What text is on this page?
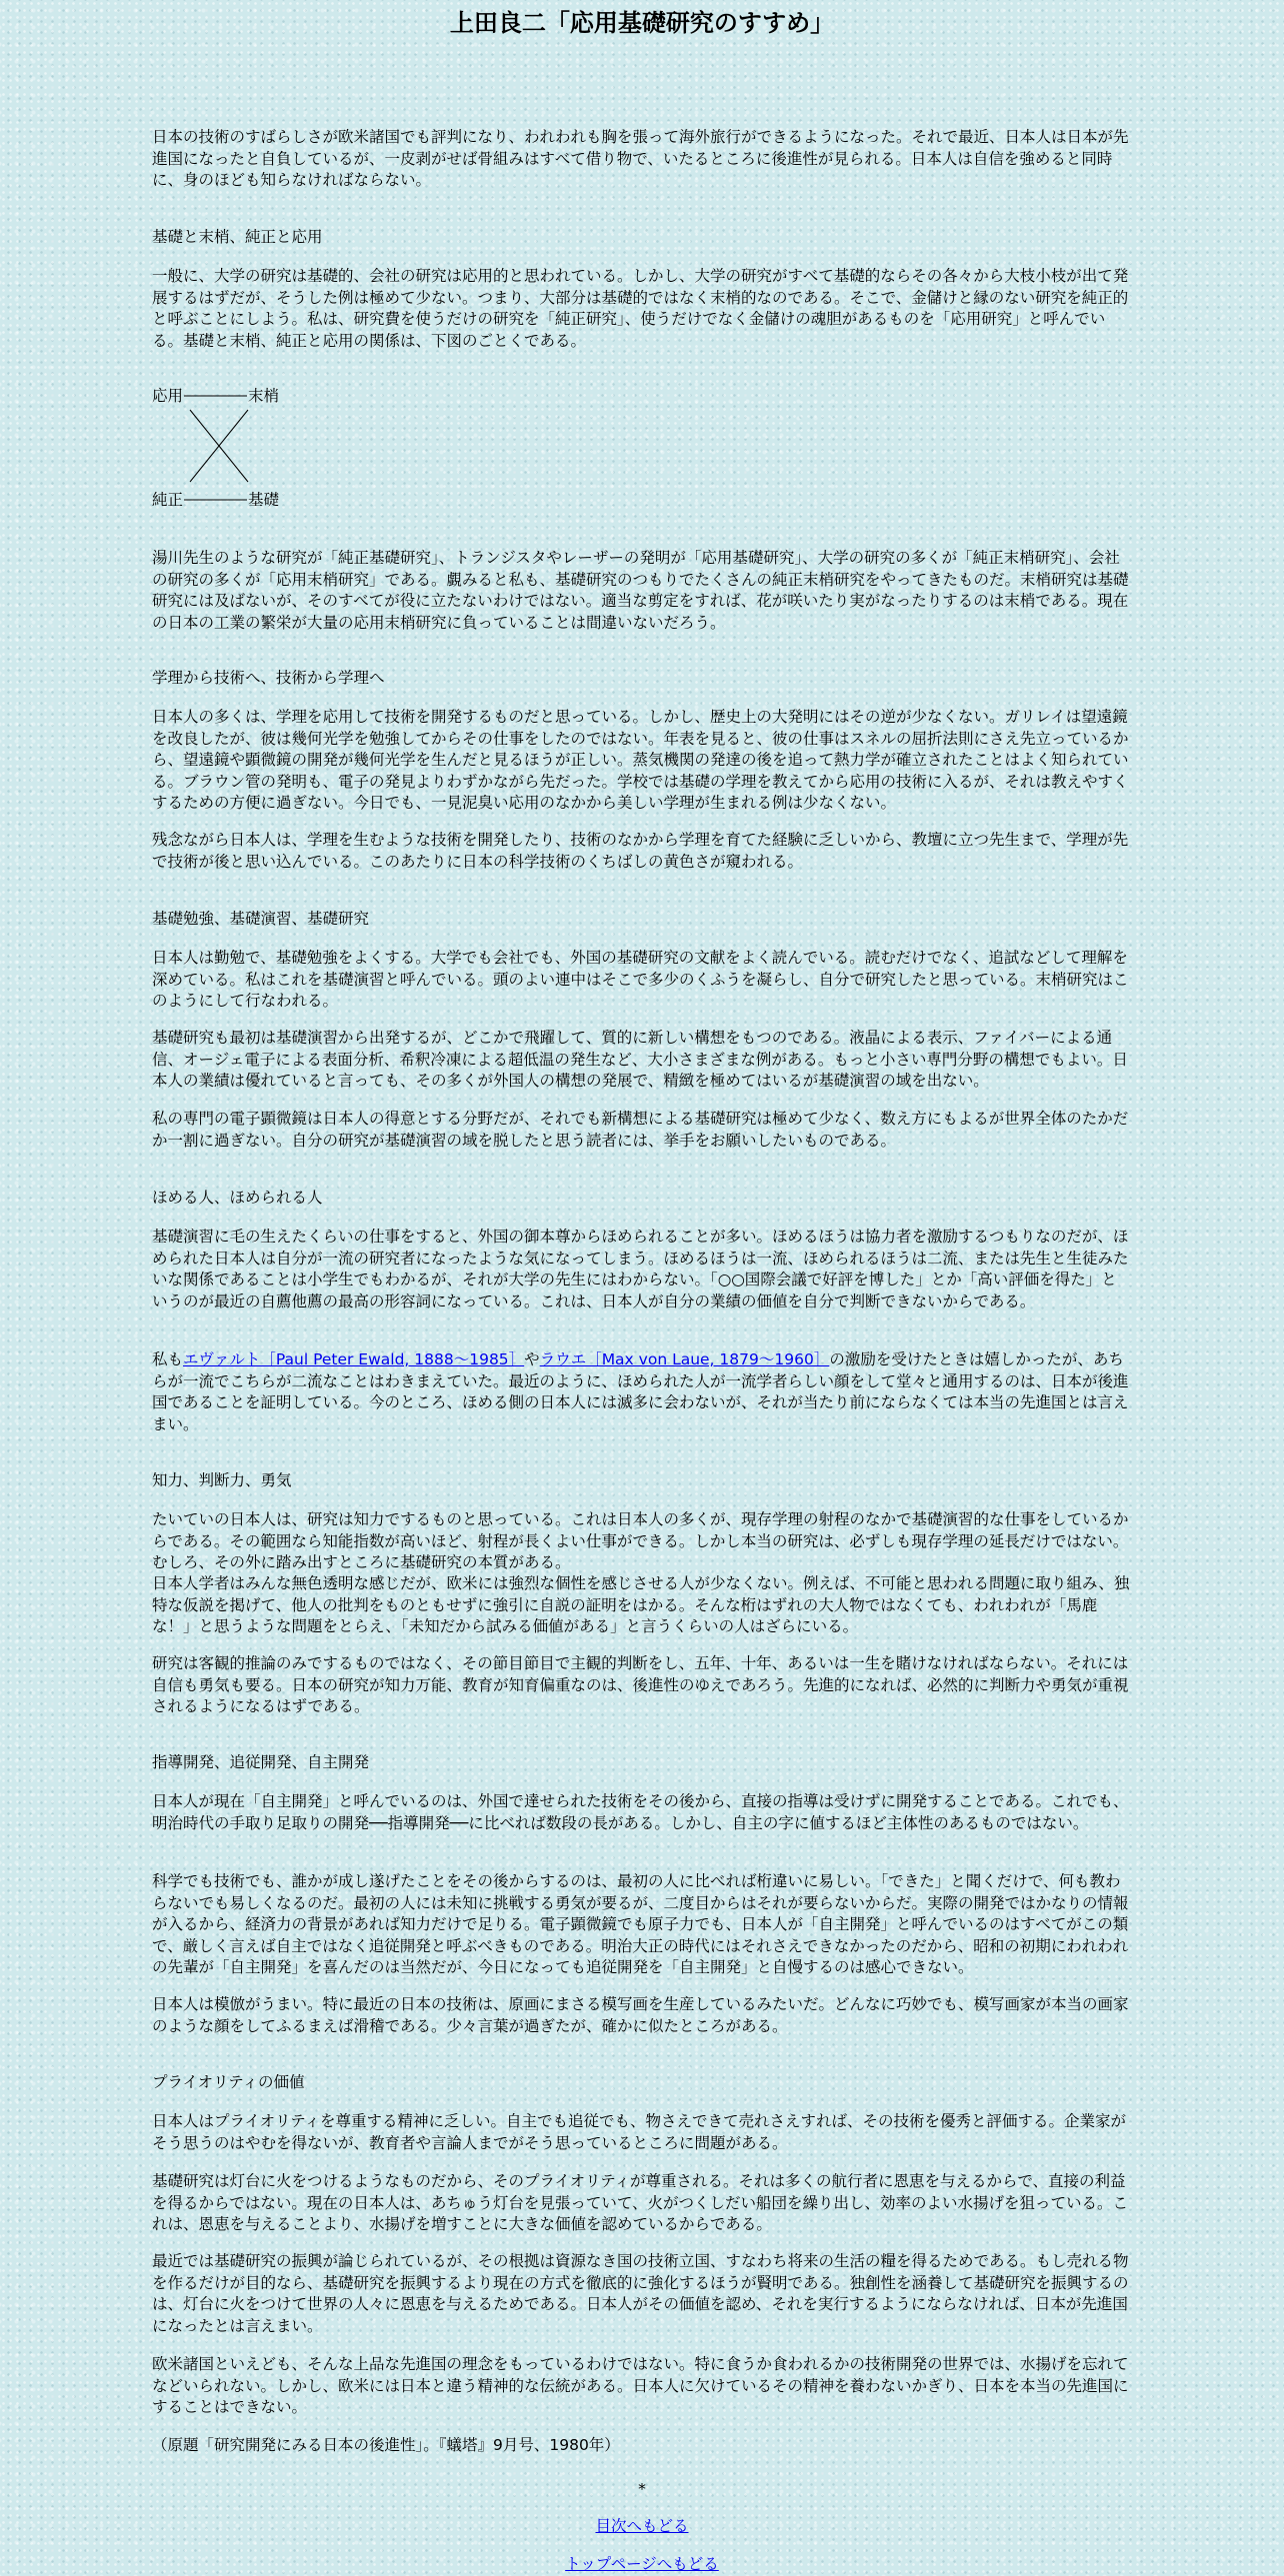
上田良二「応用基礎研究のすすめ」

日本の技術のすばらしさが欧米諸国でも評判になり、われわれも胸を張って海外旅行ができるようになった。それで最近、日本人は日本が先進国になったと自負しているが、一皮剥がせば骨組みはすべて借り物で、いたるところに後進性が見られる。日本人は自信を強めると同時に、身のほども知らなければならない。

基礎と末梢、純正と応用

一般に、大学の研究は基礎的、会社の研究は応用的と思われている。しかし、大学の研究がすべて基礎的ならその各々から大枝小枝が出て発展するはずだが、そうした例は極めて少ない。つまり、大部分は基礎的ではなく末梢的なのである。そこで、金儲けと縁のない研究を純正的と呼ぶことにしよう。私は、研究費を使うだけの研究を「純正研究」、使うだけでなく金儲けの魂胆があるものを「応用研究」と呼んでいる。基礎と末梢、純正と応用の関係は、下図のごとくである。

応用	末梢
純正	基礎

湯川先生のような研究が「純正基礎研究」、トランジスタやレーザーの発明が「応用基礎研究」、大学の研究の多くが「純正末梢研究」、会社の研究の多くが「応用末梢研究」である。覷みると私も、基礎研究のつもりでたくさんの純正末梢研究をやってきたものだ。末梢研究は基礎研究には及ばないが、そのすべてが役に立たないわけではない。適当な剪定をすれば、花が咲いたり実がなったりするのは末梢である。現在の日本の工業の繁栄が大量の応用末梢研究に負っていることは間違いないだろう。

学理から技術へ、技術から学理へ

日本人の多くは、学理を応用して技術を開発するものだと思っている。しかし、歴史上の大発明にはその逆が少なくない。ガリレイは望遠鏡を改良したが、彼は幾何光学を勉強してからその仕事をしたのではない。年表を見ると、彼の仕事はスネルの屈折法則にさえ先立っているから、望遠鏡や顕微鏡の開発が幾何光学を生んだと見るほうが正しい。蒸気機関の発達の後を追って熱力学が確立されたことはよく知られている。ブラウン管の発明も、電子の発見よりわずかながら先だった。学校では基礎の学理を教えてから応用の技術に入るが、それは教えやすくするための方便に過ぎない。今日でも、一見泥臭い応用のなかから美しい学理が生まれる例は少なくない。

残念ながら日本人は、学理を生むような技術を開発したり、技術のなかから学理を育てた経験に乏しいから、教壇に立つ先生まで、学理が先で技術が後と思い込んでいる。このあたりに日本の科学技術のくちばしの黄色さが窺われる。

基礎勉強、基礎演習、基礎研究

日本人は勤勉で、基礎勉強をよくする。大学でも会社でも、外国の基礎研究の文献をよく読んでいる。読むだけでなく、追試などして理解を深めている。私はこれを基礎演習と呼んでいる。頭のよい連中はそこで多少のくふうを凝らし、自分で研究したと思っている。末梢研究はこのようにして行なわれる。

基礎研究も最初は基礎演習から出発するが、どこかで飛躍して、質的に新しい構想をもつのである。液晶による表示、ファイバーによる通信、オージェ電子による表面分析、希釈冷凍による超低温の発生など、大小さまざまな例がある。もっと小さい専門分野の構想でもよい。日本人の業績は優れていると言っても、その多くが外国人の構想の発展で、精緻を極めてはいるが基礎演習の域を出ない。

私の専門の電子顕微鏡は日本人の得意とする分野だが、それでも新構想による基礎研究は極めて少なく、数え方にもよるが世界全体のたかだか一割に過ぎない。自分の研究が基礎演習の域を脱したと思う読者には、挙手をお願いしたいものである。

ほめる人、ほめられる人

基礎演習に毛の生えたくらいの仕事をすると、外国の御本尊からほめられることが多い。ほめるほうは協力者を激励するつもりなのだが、ほめられた日本人は自分が一流の研究者になったような気になってしまう。ほめるほうは一流、ほめられるほうは二流、または先生と生徒みたいな関係であることは小学生でもわかるが、それが大学の先生にはわからない。「○○国際会議で好評を博した」とか「高い評価を得た」というのが最近の自薦他薦の最高の形容詞になっている。これは、日本人が自分の業績の価値を自分で判断できないからである。

私もエヴァルト［Paul Peter Ewald, 1888～1985］やラウエ［Max von Laue, 1879～1960］の激励を受けたときは嬉しかったが、あちらが一流でこちらが二流なことはわきまえていた。最近のように、ほめられた人が一流学者らしい顔をして堂々と通用するのは、日本が後進国であることを証明している。今のところ、ほめる側の日本人には滅多に会わないが、それが当たり前にならなくては本当の先進国とは言えまい。

知力、判断力、勇気

たいていの日本人は、研究は知力でするものと思っている。これは日本人の多くが、現存学理の射程のなかで基礎演習的な仕事をしているからである。その範囲なら知能指数が高いほど、射程が長くよい仕事ができる。しかし本当の研究は、必ずしも現存学理の延長だけではない。むしろ、その外に踏み出すところに基礎研究の本質がある。

日本人学者はみんな無色透明な感じだが、欧米には強烈な個性を感じさせる人が少なくない。例えば、不可能と思われる問題に取り組み、独特な仮説を掲げて、他人の批判をものともせずに強引に自説の証明をはかる。そんな桁はずれの大人物ではなくても、われわれが「馬鹿な！」と思うような問題をとらえ、「未知だから試みる価値がある」と言うくらいの人はざらにいる。

研究は客観的推論のみでするものではなく、その節目節目で主観的判断をし、五年、十年、あるいは一生を賭けなければならない。それには自信も勇気も要る。日本の研究が知力万能、教育が知育偏重なのは、後進性のゆえであろう。先進的になれば、必然的に判断力や勇気が重視されるようになるはずである。

指導開発、追従開発、自主開発

日本人が現在「自主開発」と呼んでいるのは、外国で達せられた技術をその後から、直接の指導は受けずに開発することである。これでも、明治時代の手取り足取りの開発──指導開発──に比べれば数段の長がある。しかし、自主の字に値するほど主体性のあるものではない。

科学でも技術でも、誰かが成し遂げたことをその後からするのは、最初の人に比べれば桁違いに易しい。「できた」と聞くだけで、何も教わらないでも易しくなるのだ。最初の人には未知に挑戦する勇気が要るが、二度目からはそれが要らないからだ。実際の開発ではかなりの情報が入るから、経済力の背景があれば知力だけで足りる。電子顕微鏡でも原子力でも、日本人が「自主開発」と呼んでいるのはすべてがこの類で、厳しく言えば自主ではなく追従開発と呼ぶべきものである。明治大正の時代にはそれさえできなかったのだから、昭和の初期にわれわれの先輩が「自主開発」を喜んだのは当然だが、今日になっても追従開発を「自主開発」と自慢するのは感心できない。

日本人は模倣がうまい。特に最近の日本の技術は、原画にまさる模写画を生産しているみたいだ。どんなに巧妙でも、模写画家が本当の画家のような顔をしてふるまえば滑稽である。少々言葉が過ぎたが、確かに似たところがある。

プライオリティの価値

日本人はプライオリティを尊重する精神に乏しい。自主でも追従でも、物さえできて売れさえすれば、その技術を優秀と評価する。企業家がそう思うのはやむを得ないが、教育者や言論人までがそう思っているところに問題がある。

基礎研究は灯台に火をつけるようなものだから、そのプライオリティが尊重される。それは多くの航行者に恩恵を与えるからで、直接の利益を得るからではない。現在の日本人は、あちゅう灯台を見張っていて、火がつくしだい船団を繰り出し、効率のよい水揚げを狙っている。これは、恩恵を与えることより、水揚げを増すことに大きな価値を認めているからである。

最近では基礎研究の振興が論じられているが、その根拠は資源なき国の技術立国、すなわち将来の生活の糧を得るためである。もし売れる物を作るだけが目的なら、基礎研究を振興するより現在の方式を徹底的に強化するほうが賢明である。独創性を涵養して基礎研究を振興するのは、灯台に火をつけて世界の人々に恩恵を与えるためである。日本人がその価値を認め、それを実行するようにならなければ、日本が先進国になったとは言えまい。

欧米諸国といえども、そんな上品な先進国の理念をもっているわけではない。特に食うか食われるかの技術開発の世界では、水揚げを忘れてなどいられない。しかし、欧米には日本と違う精神的な伝統がある。日本人に欠けているその精神を養わないかぎり、日本を本当の先進国にすることはできない。

（原題「研究開発にみる日本の後進性」。『蟻塔』9月号、1980年）

*
目次へもどる
トップページへもどる
